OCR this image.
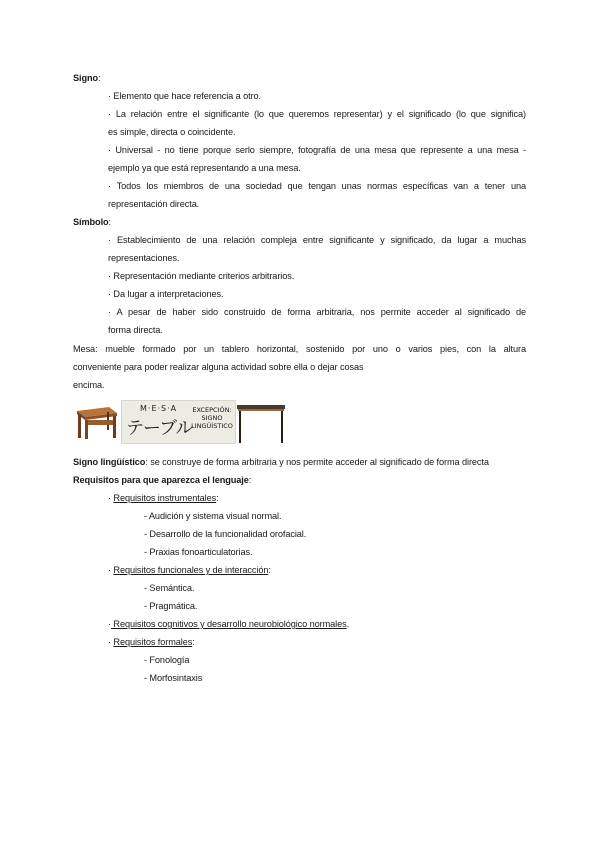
Signo:
· Elemento que hace referencia a otro.
· La relación entre el significante (lo que queremos representar) y el significado (lo que significa)
es simple, directa o coincidente.
· Universal - no tiene porque serlo siempre, fotografía de una mesa que represente a una mesa -
ejemplo ya que está representando a una mesa.
· Todos los miembros de una sociedad que tengan unas normas específicas van a tener una
representación directa.
Símbolo:
· Establecimiento de una relación compleja entre significante y significado, da lugar a muchas
representaciones.
· Representación mediante criterios arbitrarios.
· Da lugar a interpretaciones.
· A pesar de haber sido construido de forma arbitraria, nos permite acceder al significado de
forma directa.
Mesa: mueble formado por un tablero horizontal, sostenido por uno o varios pies, con la altura
conveniente para poder realizar alguna actividad sobre ella o dejar cosas
encima.
M·E·S·A
テーブル
EXCEPCIÓN:
SIGNO
LINGÜÍSTICO
Signo lingüístico: se construye de forma arbitraria y nos permite acceder al significado de forma directa
Requisitos para que aparezca el lenguaje:
· Requisitos instrumentales:
- Audición y sistema visual normal.
- Desarrollo de la funcionalidad orofacial.
- Praxias fonoarticulatorias.
· Requisitos funcionales y de interacción:
- Semántica.
- Pragmática.
· Requisitos cognitivos y desarrollo neurobiológico normales.
· Requisitos formales:
- Fonología
- Morfosintaxis
